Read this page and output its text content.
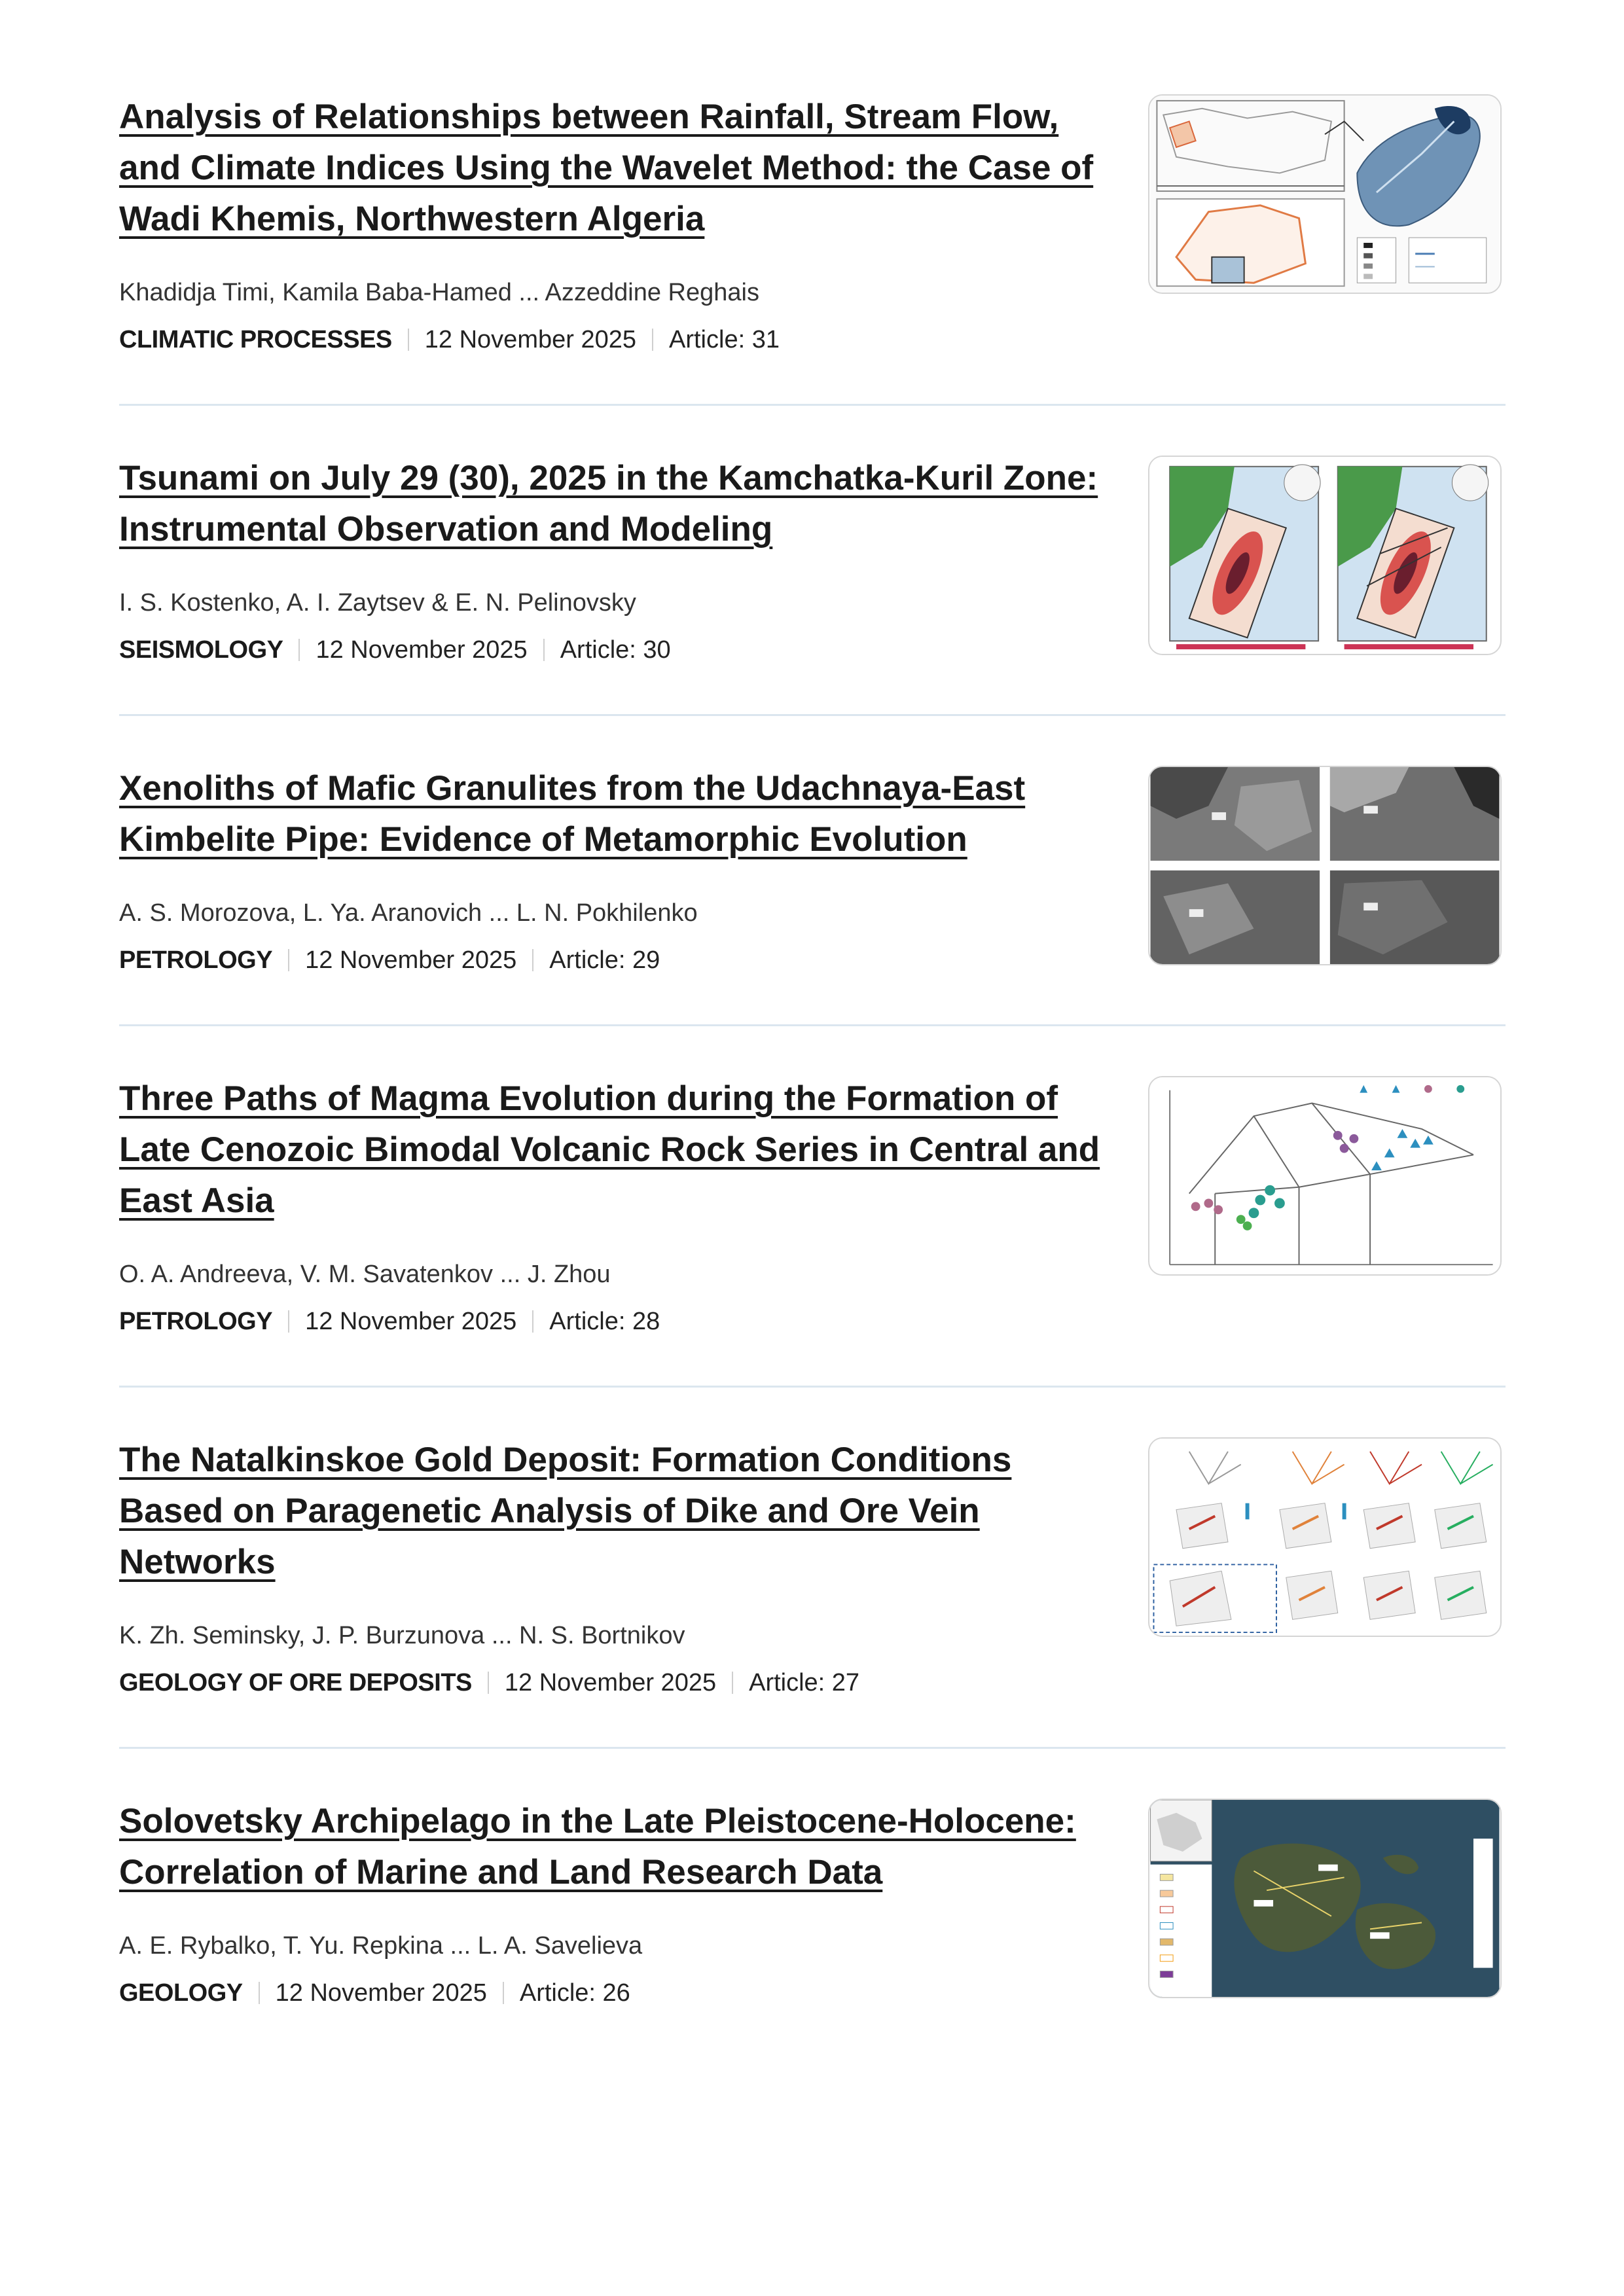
Analysis of Relationships between Rainfall, Stream Flow, and Climate Indices Using the Wavelet Method: the Case of Wadi Khemis, Northwestern Algeria
Khadidja Timi, Kamila Baba-Hamed ... Azzeddine Reghais
CLIMATIC PROCESSES 12 November 2025 Article: 31
Tsunami on July 29 (30), 2025 in the Kamchatka-Kuril Zone: Instrumental Observation and Modeling
I. S. Kostenko, A. I. Zaytsev & E. N. Pelinovsky
SEISMOLOGY 12 November 2025 Article: 30
Xenoliths of Mafic Granulites from the Udachnaya-East Kimbelite Pipe: Evidence of Metamorphic Evolution
A. S. Morozova, L. Ya. Aranovich ... L. N. Pokhilenko
PETROLOGY 12 November 2025 Article: 29
Three Paths of Magma Evolution during the Formation of Late Cenozoic Bimodal Volcanic Rock Series in Central and East Asia
O. A. Andreeva, V. M. Savatenkov ... J. Zhou
PETROLOGY 12 November 2025 Article: 28
The Natalkinskoe Gold Deposit: Formation Conditions Based on Paragenetic Analysis of Dike and Ore Vein Networks
K. Zh. Seminsky, J. P. Burzunova ... N. S. Bortnikov
GEOLOGY OF ORE DEPOSITS 12 November 2025 Article: 27
Solovetsky Archipelago in the Late Pleistocene-Holocene: Correlation of Marine and Land Research Data
A. E. Rybalko, T. Yu. Repkina ... L. A. Savelieva
GEOLOGY 12 November 2025 Article: 26
